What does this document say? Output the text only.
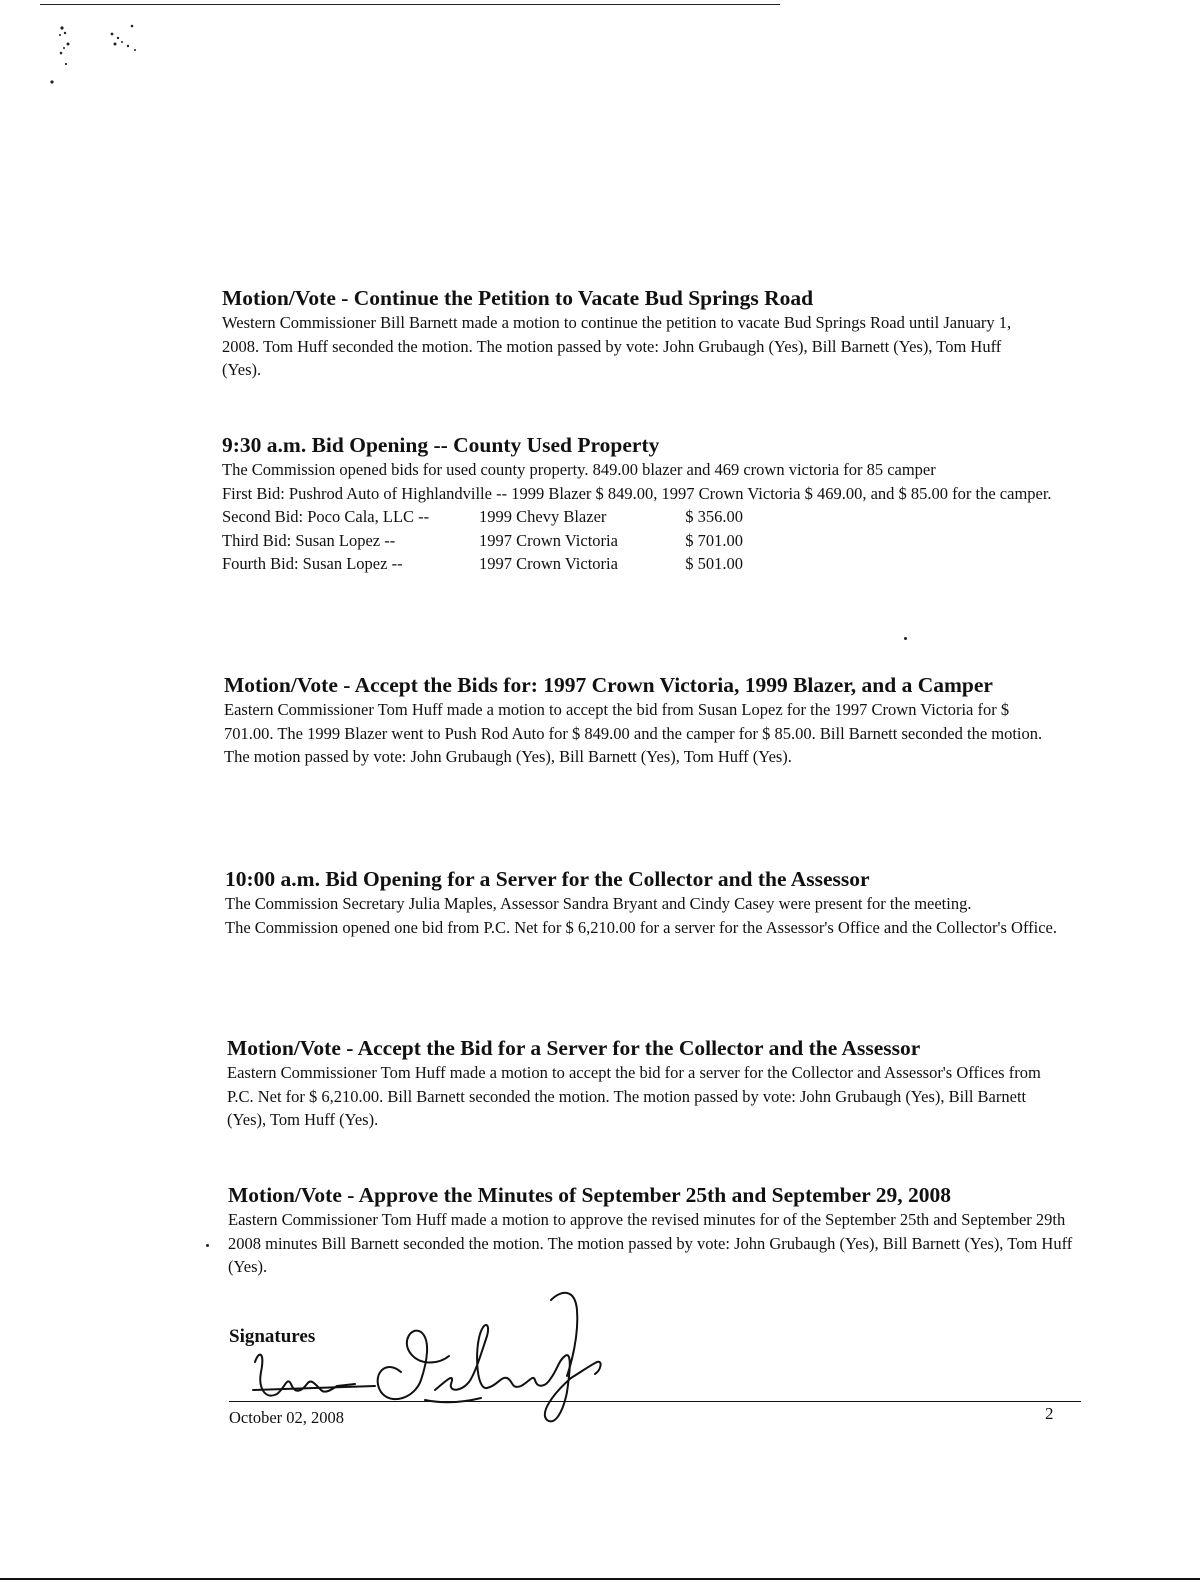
Motion/Vote - Continue the Petition to Vacate Bud Springs Road

Western Commissioner Bill Barnett made a motion to continue the petition to vacate Bud Springs Road until January 1, 2008. Tom Huff seconded the motion. The motion passed by vote: John Grubaugh (Yes), Bill Barnett (Yes), Tom Huff (Yes).

9:30 a.m. Bid Opening -- County Used Property

The Commission opened bids for used county property. 849.00 blazer and 469 crown victoria for 85 camper

First Bid: Pushrod Auto of Highlandville -- 1999 Blazer $ 849.00, 1997 Crown Victoria $ 469.00, and $ 85.00 for the camper.

Second Bid: Poco Cala, LLC --	1999 Chevy Blazer	$ 356.00
Third Bid: Susan Lopez --	1997 Crown Victoria	$ 701.00
Fourth Bid: Susan Lopez --	1997 Crown Victoria	$ 501.00

Motion/Vote - Accept the Bids for: 1997 Crown Victoria, 1999 Blazer, and a Camper

Eastern Commissioner Tom Huff made a motion to accept the bid from Susan Lopez for the 1997 Crown Victoria for $ 701.00. The 1999 Blazer went to Push Rod Auto for $ 849.00 and the camper for $ 85.00. Bill Barnett seconded the motion. The motion passed by vote: John Grubaugh (Yes), Bill Barnett (Yes), Tom Huff (Yes).

10:00 a.m. Bid Opening for a Server for the Collector and the Assessor

The Commission Secretary Julia Maples, Assessor Sandra Bryant and Cindy Casey were present for the meeting.

The Commission opened one bid from P.C. Net for $ 6,210.00 for a server for the Assessor's Office and the Collector's Office.

Motion/Vote - Accept the Bid for a Server for the Collector and the Assessor

Eastern Commissioner Tom Huff made a motion to accept the bid for a server for the Collector and Assessor's Offices from P.C. Net for $ 6,210.00. Bill Barnett seconded the motion. The motion passed by vote: John Grubaugh (Yes), Bill Barnett (Yes), Tom Huff (Yes).

Motion/Vote - Approve the Minutes of September 25th and September 29, 2008

Eastern Commissioner Tom Huff made a motion to approve the revised minutes for of the September 25th and September 29th 2008 minutes Bill Barnett seconded the motion. The motion passed by vote: John Grubaugh (Yes), Bill Barnett (Yes), Tom Huff (Yes).

Signatures
October 02, 2008	2
